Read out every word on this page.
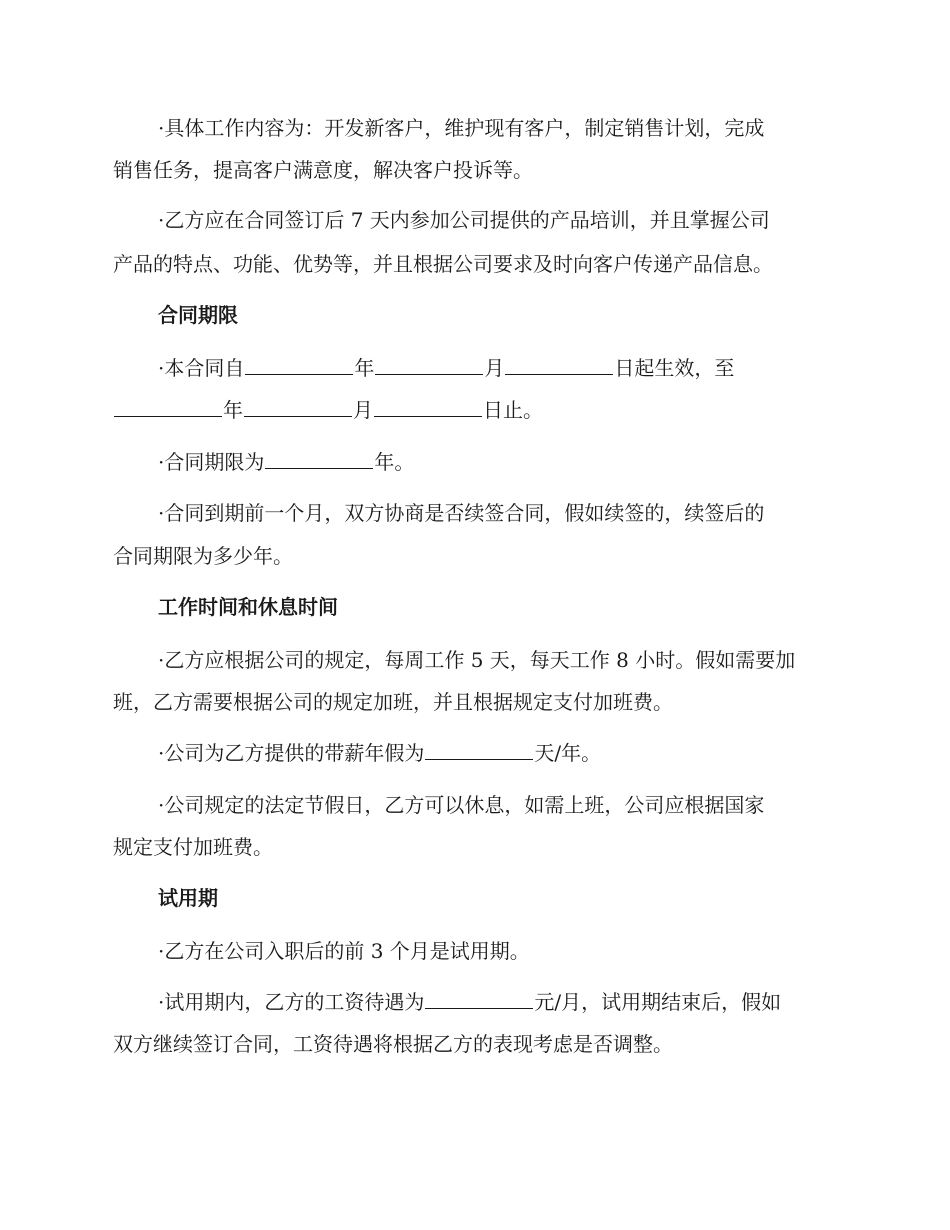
·具体工作内容为：开发新客户，维护现有客户，制定销售计划，完成
销售任务，提高客户满意度，解决客户投诉等。
·乙方应在合同签订后 7 天内参加公司提供的产品培训，并且掌握公司
产品的特点、功能、优势等，并且根据公司要求及时向客户传递产品信息。
合同期限
·本合同自	年	月	日起生效，至
年	月	日止。
·合同期限为	年。
·合同到期前一个月，双方协商是否续签合同，假如续签的，续签后的
合同期限为多少年。
工作时间和休息时间
·乙方应根据公司的规定，每周工作 5 天，每天工作 8 小时。假如需要加
班，乙方需要根据公司的规定加班，并且根据规定支付加班费。
·公司为乙方提供的带薪年假为	天/年。
·公司规定的法定节假日，乙方可以休息，如需上班，公司应根据国家
规定支付加班费。
试用期
·乙方在公司入职后的前 3 个月是试用期。
·试用期内，乙方的工资待遇为	元/月，试用期结束后，假如
双方继续签订合同，工资待遇将根据乙方的表现考虑是否调整。
